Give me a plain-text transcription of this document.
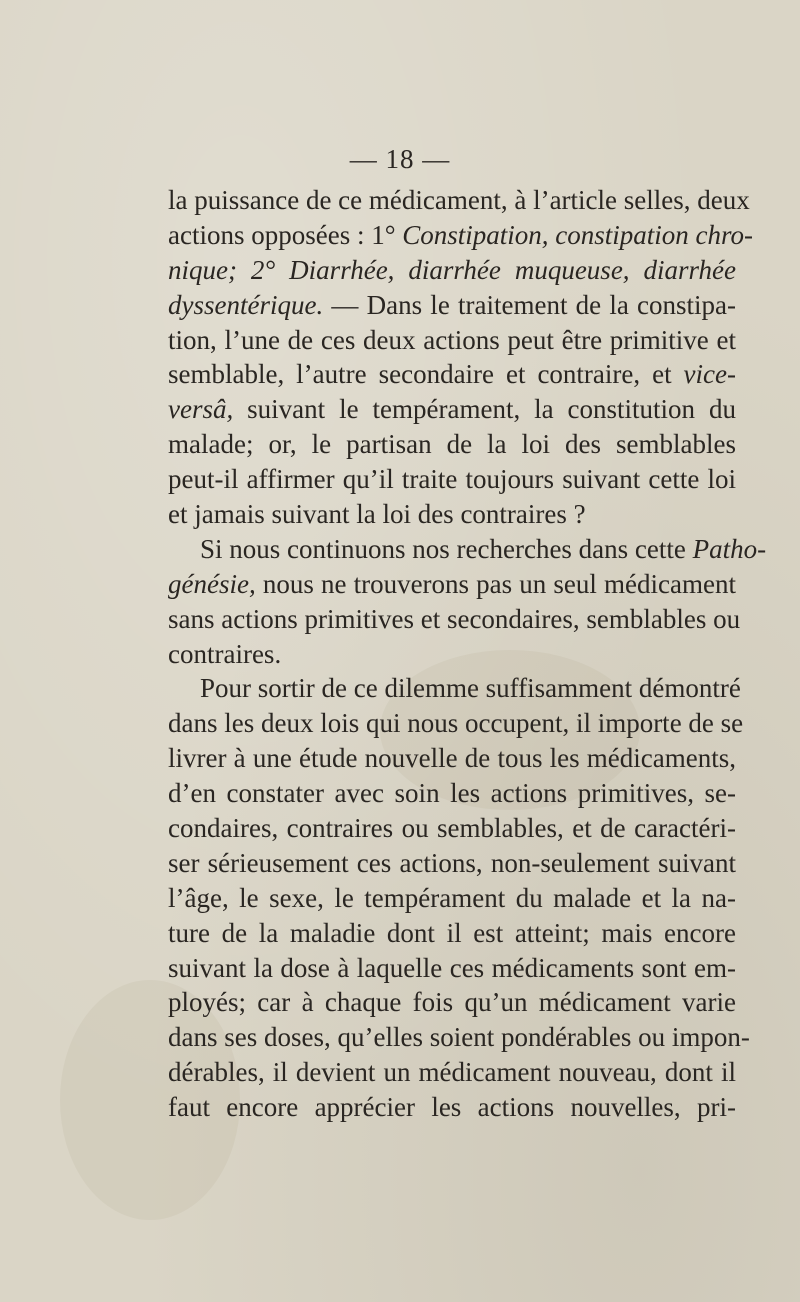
— 18 —
la puissance de ce médicament, à l’article selles, deux
actions opposées : 1° Constipation, constipation chro-
nique; 2° Diarrhée, diarrhée muqueuse, diarrhée
dyssentérique. — Dans le traitement de la constipa-
tion, l’une de ces deux actions peut être primitive et
semblable, l’autre secondaire et contraire, et vice-
versâ, suivant le tempérament, la constitution du
malade; or, le partisan de la loi des semblables
peut-il affirmer qu’il traite toujours suivant cette loi
et jamais suivant la loi des contraires ?
Si nous continuons nos recherches dans cette Patho-
génésie, nous ne trouverons pas un seul médicament
sans actions primitives et secondaires, semblables ou
contraires.
Pour sortir de ce dilemme suffisamment démontré
dans les deux lois qui nous occupent, il importe de se
livrer à une étude nouvelle de tous les médicaments,
d’en constater avec soin les actions primitives, se-
condaires, contraires ou semblables, et de caractéri-
ser sérieusement ces actions, non-seulement suivant
l’âge, le sexe, le tempérament du malade et la na-
ture de la maladie dont il est atteint; mais encore
suivant la dose à laquelle ces médicaments sont em-
ployés; car à chaque fois qu’un médicament varie
dans ses doses, qu’elles soient pondérables ou impon-
dérables, il devient un médicament nouveau, dont il
faut encore apprécier les actions nouvelles, pri-
